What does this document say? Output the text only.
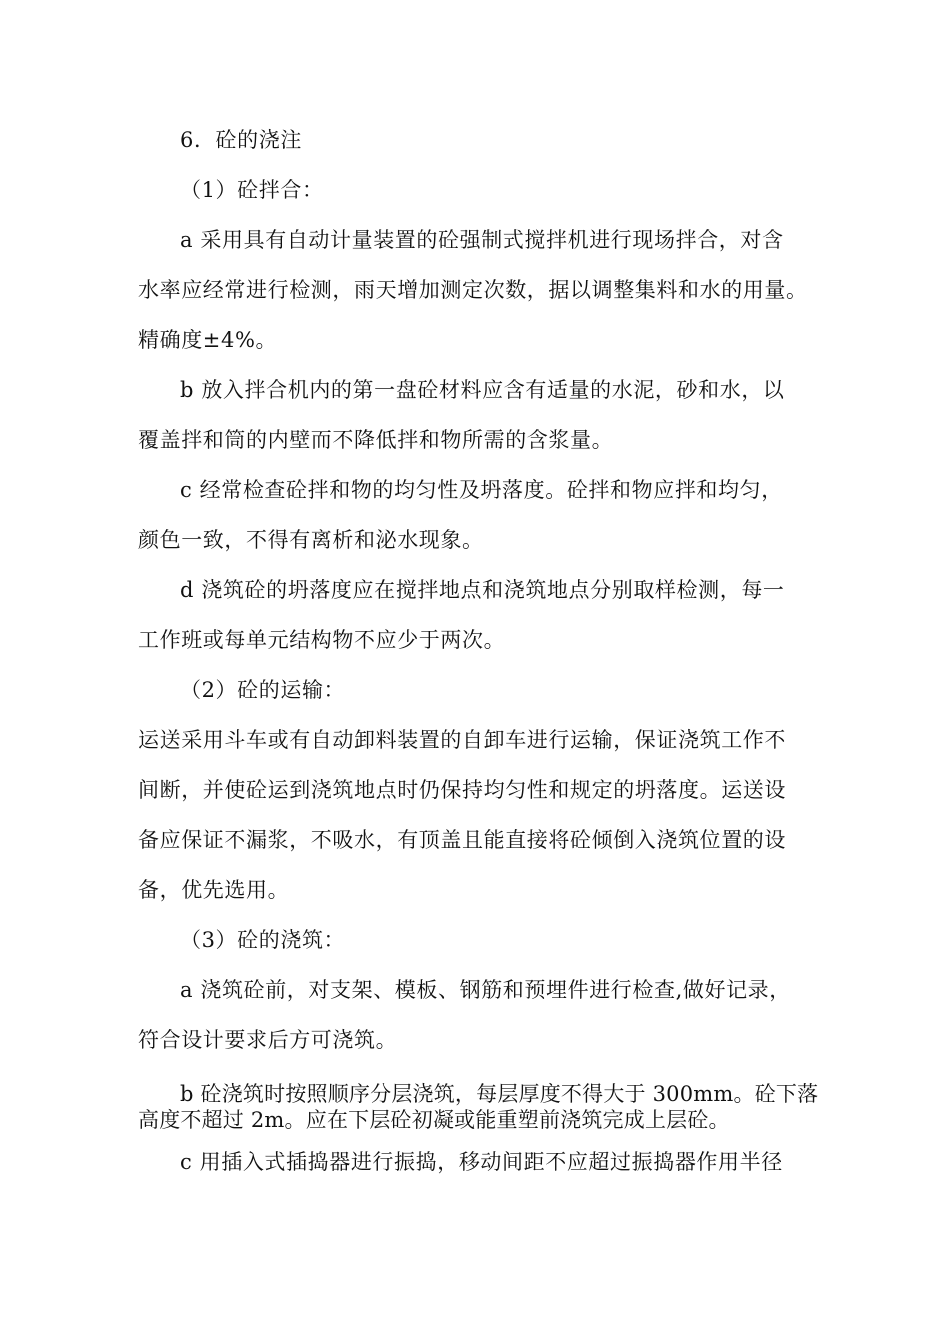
6．砼的浇注
（1）砼拌合：
a 采用具有自动计量装置的砼强制式搅拌机进行现场拌合，对含
水率应经常进行检测，雨天增加测定次数，据以调整集料和水的用量。
精确度±4%。
b 放入拌合机内的第一盘砼材料应含有适量的水泥，砂和水，以
覆盖拌和筒的内壁而不降低拌和物所需的含浆量。
c 经常检查砼拌和物的均匀性及坍落度。砼拌和物应拌和均匀，
颜色一致，不得有离析和泌水现象。
d 浇筑砼的坍落度应在搅拌地点和浇筑地点分别取样检测，每一
工作班或每单元结构物不应少于两次。
（2）砼的运输：
运送采用斗车或有自动卸料装置的自卸车进行运输，保证浇筑工作不
间断，并使砼运到浇筑地点时仍保持均匀性和规定的坍落度。运送设
备应保证不漏浆，不吸水，有顶盖且能直接将砼倾倒入浇筑位置的设
备，优先选用。
（3）砼的浇筑：
a 浇筑砼前，对支架、模板、钢筋和预埋件进行检查,做好记录，
符合设计要求后方可浇筑。
b 砼浇筑时按照顺序分层浇筑，每层厚度不得大于 300mm。砼下落
高度不超过 2m。应在下层砼初凝或能重塑前浇筑完成上层砼。
c 用插入式插捣器进行振捣，移动间距不应超过振捣器作用半径
